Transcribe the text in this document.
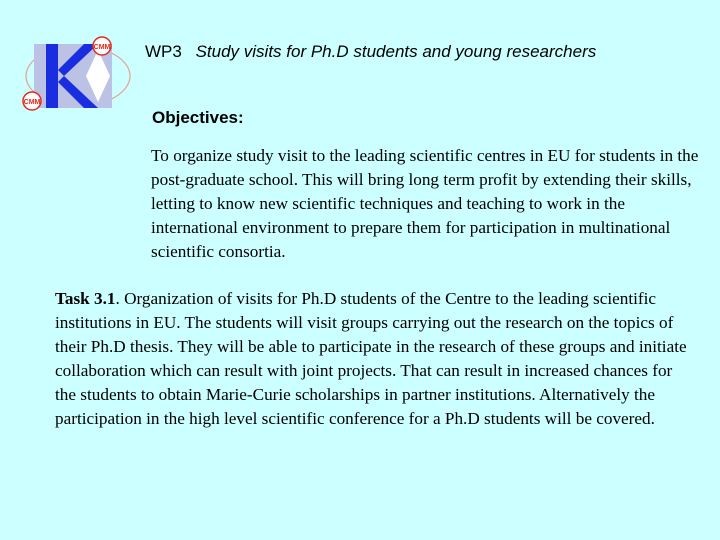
CMM
CMM
WP3 Study visits for Ph.D students and young researchers
Objectives:

To organize study visit to the leading scientific centres in EU for students in the post-graduate school. This will bring long term profit by extending their skills, letting to know new scientific techniques and teaching to work in the international environment to prepare them for participation in multinational scientific consortia.

Task 3.1. Organization of visits for Ph.D students of the Centre to the leading scientific institutions in EU. The students will visit groups carrying out the research on the topics of their Ph.D thesis. They will be able to participate in the research of these groups and initiate collaboration which can result with joint projects. That can result in increased chances for the students to obtain Marie-Curie scholarships in partner institutions. Alternatively the participation in the high level scientific conference for a Ph.D students will be covered.
